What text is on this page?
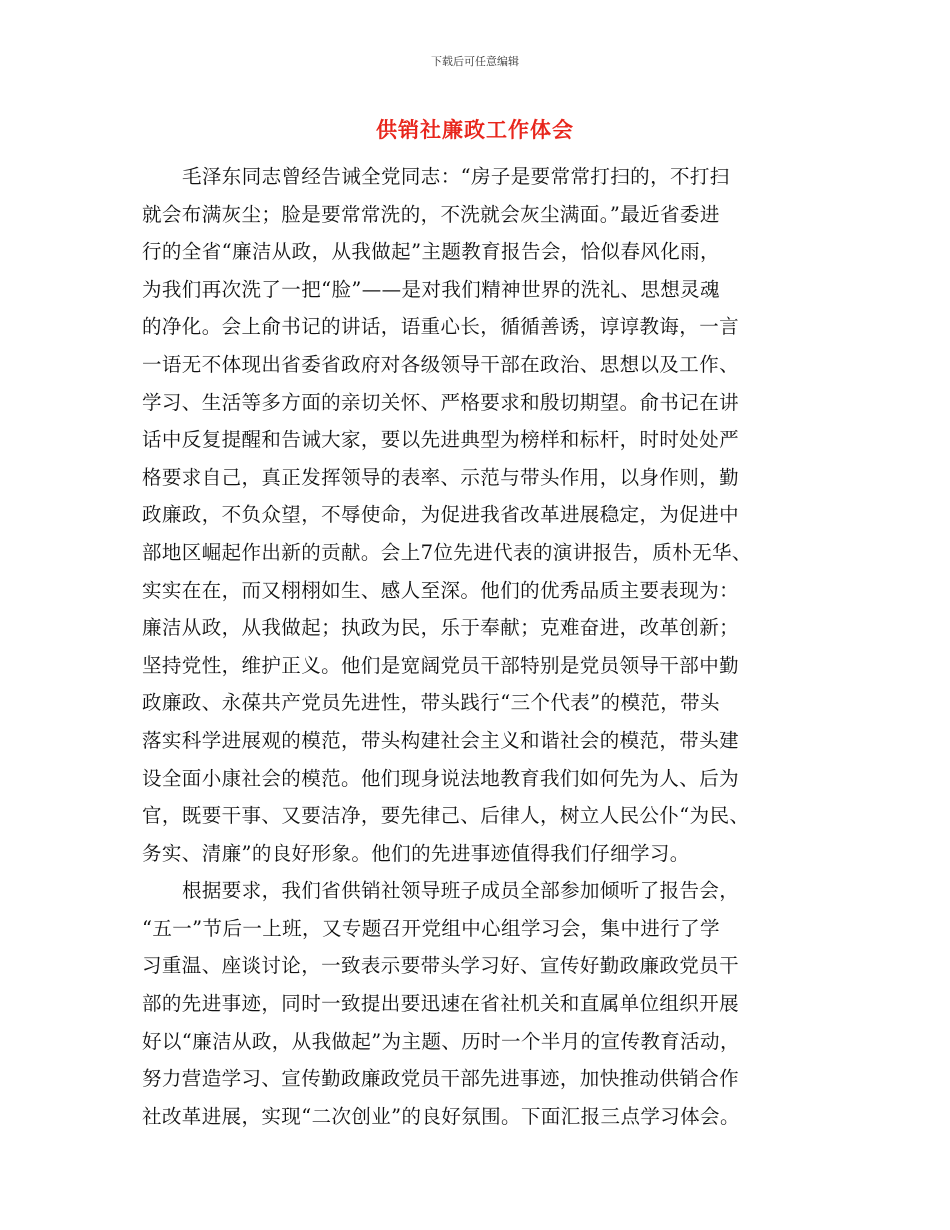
下载后可任意编辑
供销社廉政工作体会
毛泽东同志曾经告诫全党同志：“房子是要常常打扫的，不打扫
就会布满灰尘；脸是要常常洗的，不洗就会灰尘满面。”最近省委进
行的全省“廉洁从政，从我做起”主题教育报告会，恰似春风化雨，
为我们再次洗了一把“脸”——是对我们精神世界的洗礼、思想灵魂
的净化。会上俞书记的讲话，语重心长，循循善诱，谆谆教诲，一言
一语无不体现出省委省政府对各级领导干部在政治、思想以及工作、
学习、生活等多方面的亲切关怀、严格要求和殷切期望。俞书记在讲
话中反复提醒和告诫大家，要以先进典型为榜样和标杆，时时处处严
格要求自己，真正发挥领导的表率、示范与带头作用，以身作则，勤
政廉政，不负众望，不辱使命，为促进我省改革进展稳定，为促进中
部地区崛起作出新的贡献。会上7位先进代表的演讲报告，质朴无华、
实实在在，而又栩栩如生、感人至深。他们的优秀品质主要表现为：
廉洁从政，从我做起；执政为民，乐于奉献；克难奋进，改革创新；
坚持党性，维护正义。他们是宽阔党员干部特别是党员领导干部中勤
政廉政、永葆共产党员先进性，带头践行“三个代表”的模范，带头
落实科学进展观的模范，带头构建社会主义和谐社会的模范，带头建
设全面小康社会的模范。他们现身说法地教育我们如何先为人、后为
官，既要干事、又要洁净，要先律己、后律人，树立人民公仆“为民、
务实、清廉”的良好形象。他们的先进事迹值得我们仔细学习。
根据要求，我们省供销社领导班子成员全部参加倾听了报告会，
“五一”节后一上班，又专题召开党组中心组学习会，集中进行了学
习重温、座谈讨论，一致表示要带头学习好、宣传好勤政廉政党员干
部的先进事迹，同时一致提出要迅速在省社机关和直属单位组织开展
好以“廉洁从政，从我做起”为主题、历时一个半月的宣传教育活动，
努力营造学习、宣传勤政廉政党员干部先进事迹，加快推动供销合作
社改革进展，实现“二次创业”的良好氛围。下面汇报三点学习体会。
